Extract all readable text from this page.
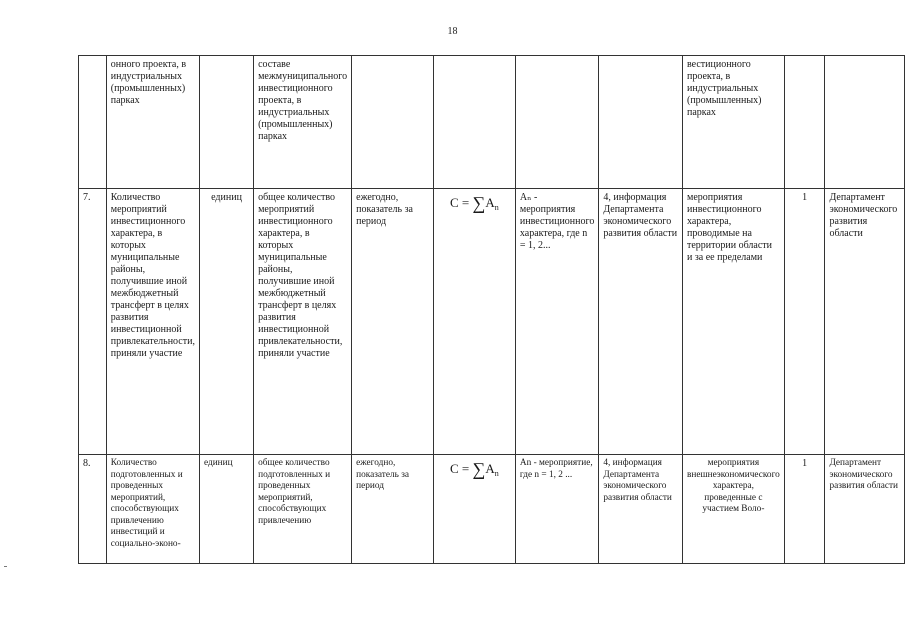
18
	онного проекта, в индустриальных (промышленных) парках		составе межмуниципального инвестиционного проекта, в индустриальных (промышленных) парках					вестиционного проекта, в индустриальных (промышленных) парках		
7.	Количество мероприятий инвестиционного характера, в которых муниципальные районы, получившие иной межбюджетный трансферт в целях развития инвестиционной привлекательности, приняли участие	единиц	общее количество мероприятий инвестиционного характера, в которых муниципальные районы, получившие иной межбюджетный трансферт в целях развития инвестиционной привлекательности, приняли участие	ежегодно, показатель за период	$C = \sum A_n$	Aₙ - мероприятия инвестиционного характера, где n = 1, 2...	4, информация Департамента экономического развития области	мероприятия инвестиционного характера, проводимые на территории области и за ее пределами	1	Департамент экономического развития области
8.	Количество подготовленных и проведенных мероприятий, способствующих привлечению инвестиций и социально-эконо-	единиц	общее количество подготовленных и проведенных мероприятий, способствующих привлечению	ежегодно, показатель за период	$C = \sum A_n$	An - мероприятие, где n = 1, 2 ...	4, информация Департамента экономического развития области	мероприятия внешнеэкономического характера, проведенные с участием Воло-	1	Департамент экономического развития области
